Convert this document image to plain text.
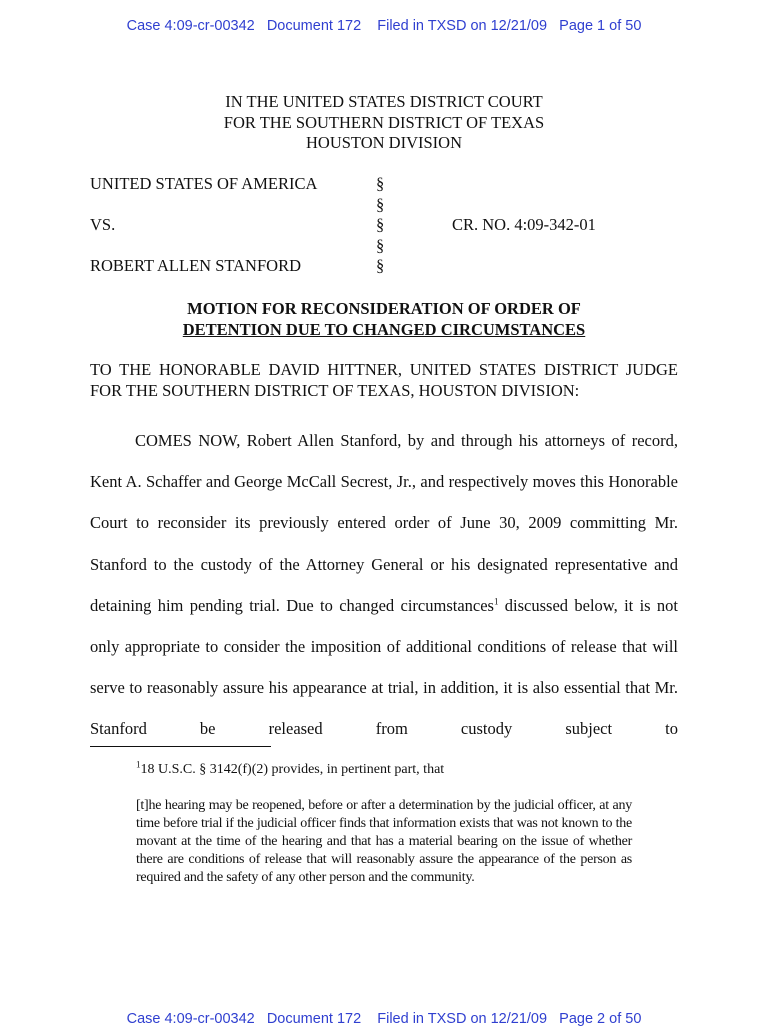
Case 4:09-cr-00342   Document 172    Filed in TXSD on 12/21/09   Page 1 of 50
IN THE UNITED STATES DISTRICT COURT
FOR THE SOUTHERN DISTRICT OF TEXAS
HOUSTON DIVISION
UNITED STATES OF AMERICA
VS.
ROBERT ALLEN STANFORD
§
§
§
§
§
CR. NO. 4:09-342-01
MOTION FOR RECONSIDERATION OF ORDER OF
DETENTION DUE TO CHANGED CIRCUMSTANCES
TO THE HONORABLE DAVID HITTNER, UNITED STATES DISTRICT JUDGE
FOR THE SOUTHERN DISTRICT OF TEXAS, HOUSTON DIVISION:

COMES NOW, Robert Allen Stanford, by and through his attorneys of record, Kent A. Schaffer and George McCall Secrest, Jr., and respectively moves this Honorable Court to reconsider its previously entered order of June 30, 2009 committing Mr. Stanford to the custody of the Attorney General or his designated representative and detaining him pending trial. Due to changed circumstances$^1$ discussed below, it is not only appropriate to consider the imposition of additional conditions of release that will serve to reasonably assure his appearance at trial, in addition, it is also essential that Mr. Stanford be released from custody subject to

$^1$18 U.S.C. § 3142(f)(2) provides, in pertinent part, that
[t]he hearing may be reopened, before or after a determination by the judicial officer, at any time before trial if the judicial officer finds that information exists that was not known to the movant at the time of the hearing and that has a material bearing on the issue of whether there are conditions of release that will reasonably assure the appearance of the person as required and the safety of any other person and the community.
Case 4:09-cr-00342   Document 172    Filed in TXSD on 12/21/09   Page 2 of 50
